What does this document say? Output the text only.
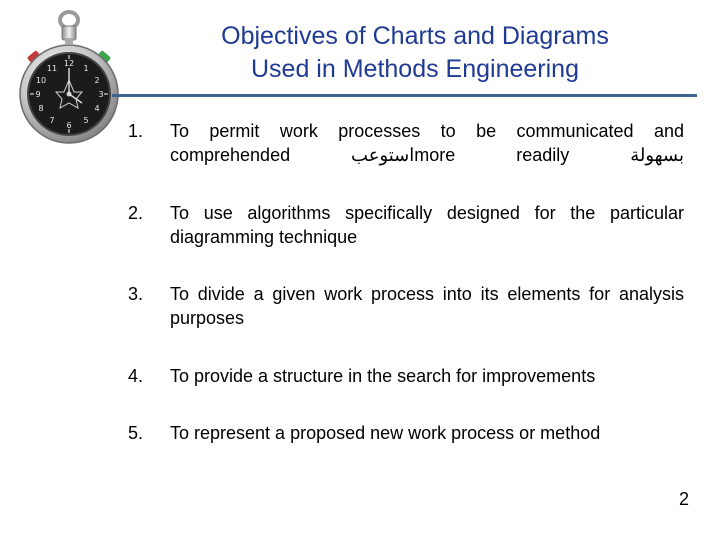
12
1
2
3
4
5
6
7
8
9
10
11
Objectives of Charts and Diagrams
Used in Methods Engineering
1. To permit work processes to be communicated and comprehended استوعبmore readily بسهولة
2. To use algorithms specifically designed for the particular diagramming technique
3. To divide a given work process into its elements for analysis purposes
4. To provide a structure in the search for improvements
5. To represent a proposed new work process or method
2
